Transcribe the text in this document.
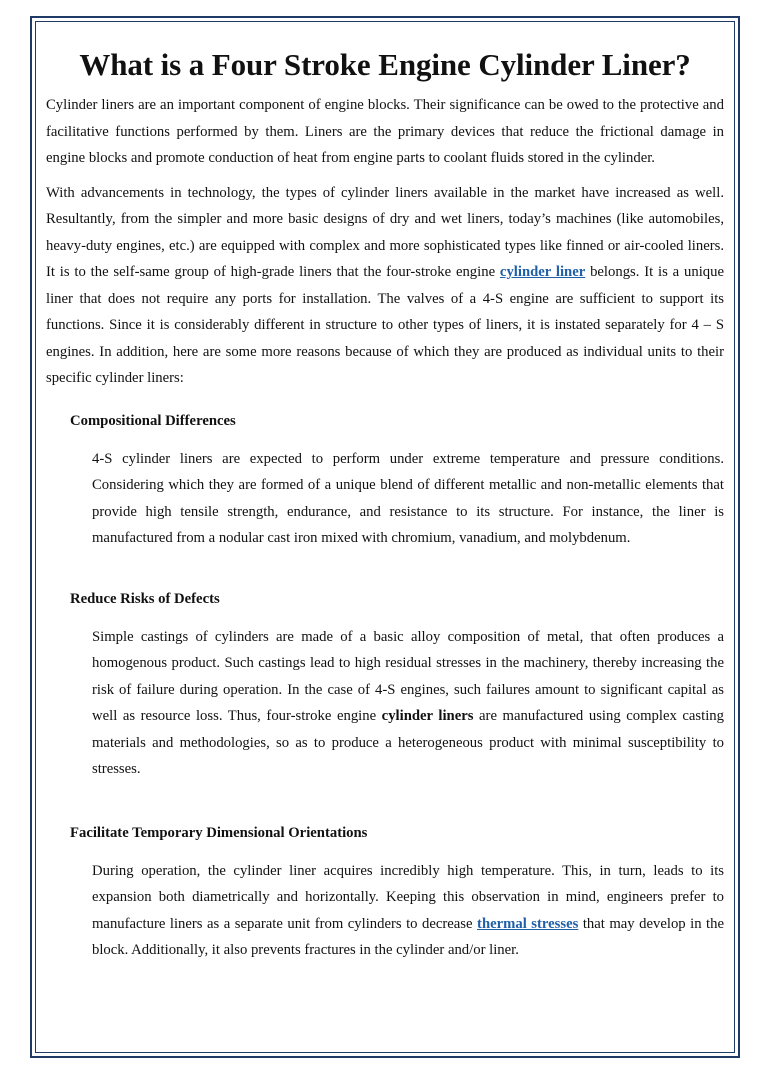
What is a Four Stroke Engine Cylinder Liner?

Cylinder liners are an important component of engine blocks. Their significance can be owed to the protective and facilitative functions performed by them. Liners are the primary devices that reduce the frictional damage in engine blocks and promote conduction of heat from engine parts to coolant fluids stored in the cylinder.

With advancements in technology, the types of cylinder liners available in the market have increased as well. Resultantly, from the simpler and more basic designs of dry and wet liners, today’s machines (like automobiles, heavy-duty engines, etc.) are equipped with complex and more sophisticated types like finned or air-cooled liners. It is to the self-same group of high-grade liners that the four-stroke engine cylinder liner belongs. It is a unique liner that does not require any ports for installation. The valves of a 4-S engine are sufficient to support its functions. Since it is considerably different in structure to other types of liners, it is instated separately for 4 – S engines. In addition, here are some more reasons because of which they are produced as individual units to their specific cylinder liners:

Compositional Differences

4-S cylinder liners are expected to perform under extreme temperature and pressure conditions. Considering which they are formed of a unique blend of different metallic and non-metallic elements that provide high tensile strength, endurance, and resistance to its structure. For instance, the liner is manufactured from a nodular cast iron mixed with chromium, vanadium, and molybdenum.

Reduce Risks of Defects

Simple castings of cylinders are made of a basic alloy composition of metal, that often produces a homogenous product. Such castings lead to high residual stresses in the machinery, thereby increasing the risk of failure during operation. In the case of 4-S engines, such failures amount to significant capital as well as resource loss. Thus, four-stroke engine cylinder liners are manufactured using complex casting materials and methodologies, so as to produce a heterogeneous product with minimal susceptibility to stresses.

Facilitate Temporary Dimensional Orientations

During operation, the cylinder liner acquires incredibly high temperature. This, in turn, leads to its expansion both diametrically and horizontally. Keeping this observation in mind, engineers prefer to manufacture liners as a separate unit from cylinders to decrease thermal stresses that may develop in the block. Additionally, it also prevents fractures in the cylinder and/or liner.
